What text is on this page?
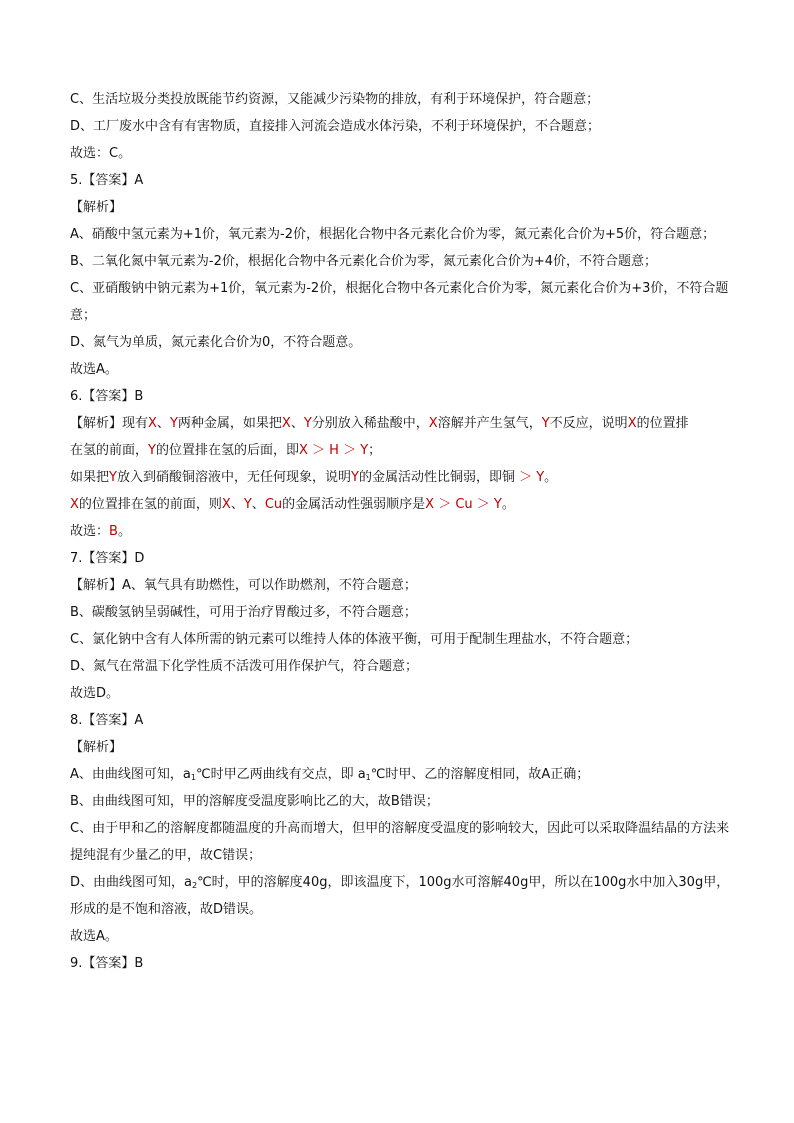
C、生活垃圾分类投放既能节约资源，又能减少污染物的排放，有利于环境保护，符合题意；
D、工厂废水中含有有害物质，直接排入河流会造成水体污染，不利于环境保护，不合题意；
故选：C。
5.【答案】A
【解析】
A、硝酸中氢元素为+1价，氧元素为-2价，根据化合物中各元素化合价为零，氮元素化合价为+5价，符合题意；
B、二氧化氮中氧元素为-2价，根据化合物中各元素化合价为零，氮元素化合价为+4价，不符合题意；
C、亚硝酸钠中钠元素为+1价，氧元素为-2价，根据化合物中各元素化合价为零，氮元素化合价为+3价，不符合题意；
D、氮气为单质，氮元素化合价为0，不符合题意。
故选A。
6.【答案】B
【解析】现有X、Y两种金属，如果把X、Y分别放入稀盐酸中，X溶解并产生氢气，Y不反应，说明X的位置排
在氢的前面，Y的位置排在氢的后面，即X ＞ H ＞ Y；
如果把Y放入到硝酸铜溶液中，无任何现象，说明Y的金属活动性比铜弱，即铜 ＞ Y。
X的位置排在氢的前面，则X、Y、Cu的金属活动性强弱顺序是X ＞ Cu ＞ Y。
故选：B。
7.【答案】D
【解析】A、氧气具有助燃性，可以作助燃剂，不符合题意；
B、碳酸氢钠呈弱碱性，可用于治疗胃酸过多，不符合题意；
C、氯化钠中含有人体所需的钠元素可以维持人体的体液平衡，可用于配制生理盐水，不符合题意；
D、氮气在常温下化学性质不活泼可用作保护气，符合题意；
故选D。
8.【答案】A
【解析】
A、由曲线图可知，$a_1℃$时甲乙两曲线有交点，即 $a_1℃$时甲、乙的溶解度相同，故A正确；
B、由曲线图可知，甲的溶解度受温度影响比乙的大，故B错误；
C、由于甲和乙的溶解度都随温度的升高而增大，但甲的溶解度受温度的影响较大，因此可以采取降温结晶的方法来提纯混有少量乙的甲，故C错误；
D、由曲线图可知，$a_2℃$时，甲的溶解度40g，即该温度下，100g水可溶解40g甲，所以在100g水中加入30g甲，形成的是不饱和溶液，故D错误。
故选A。
9.【答案】B
